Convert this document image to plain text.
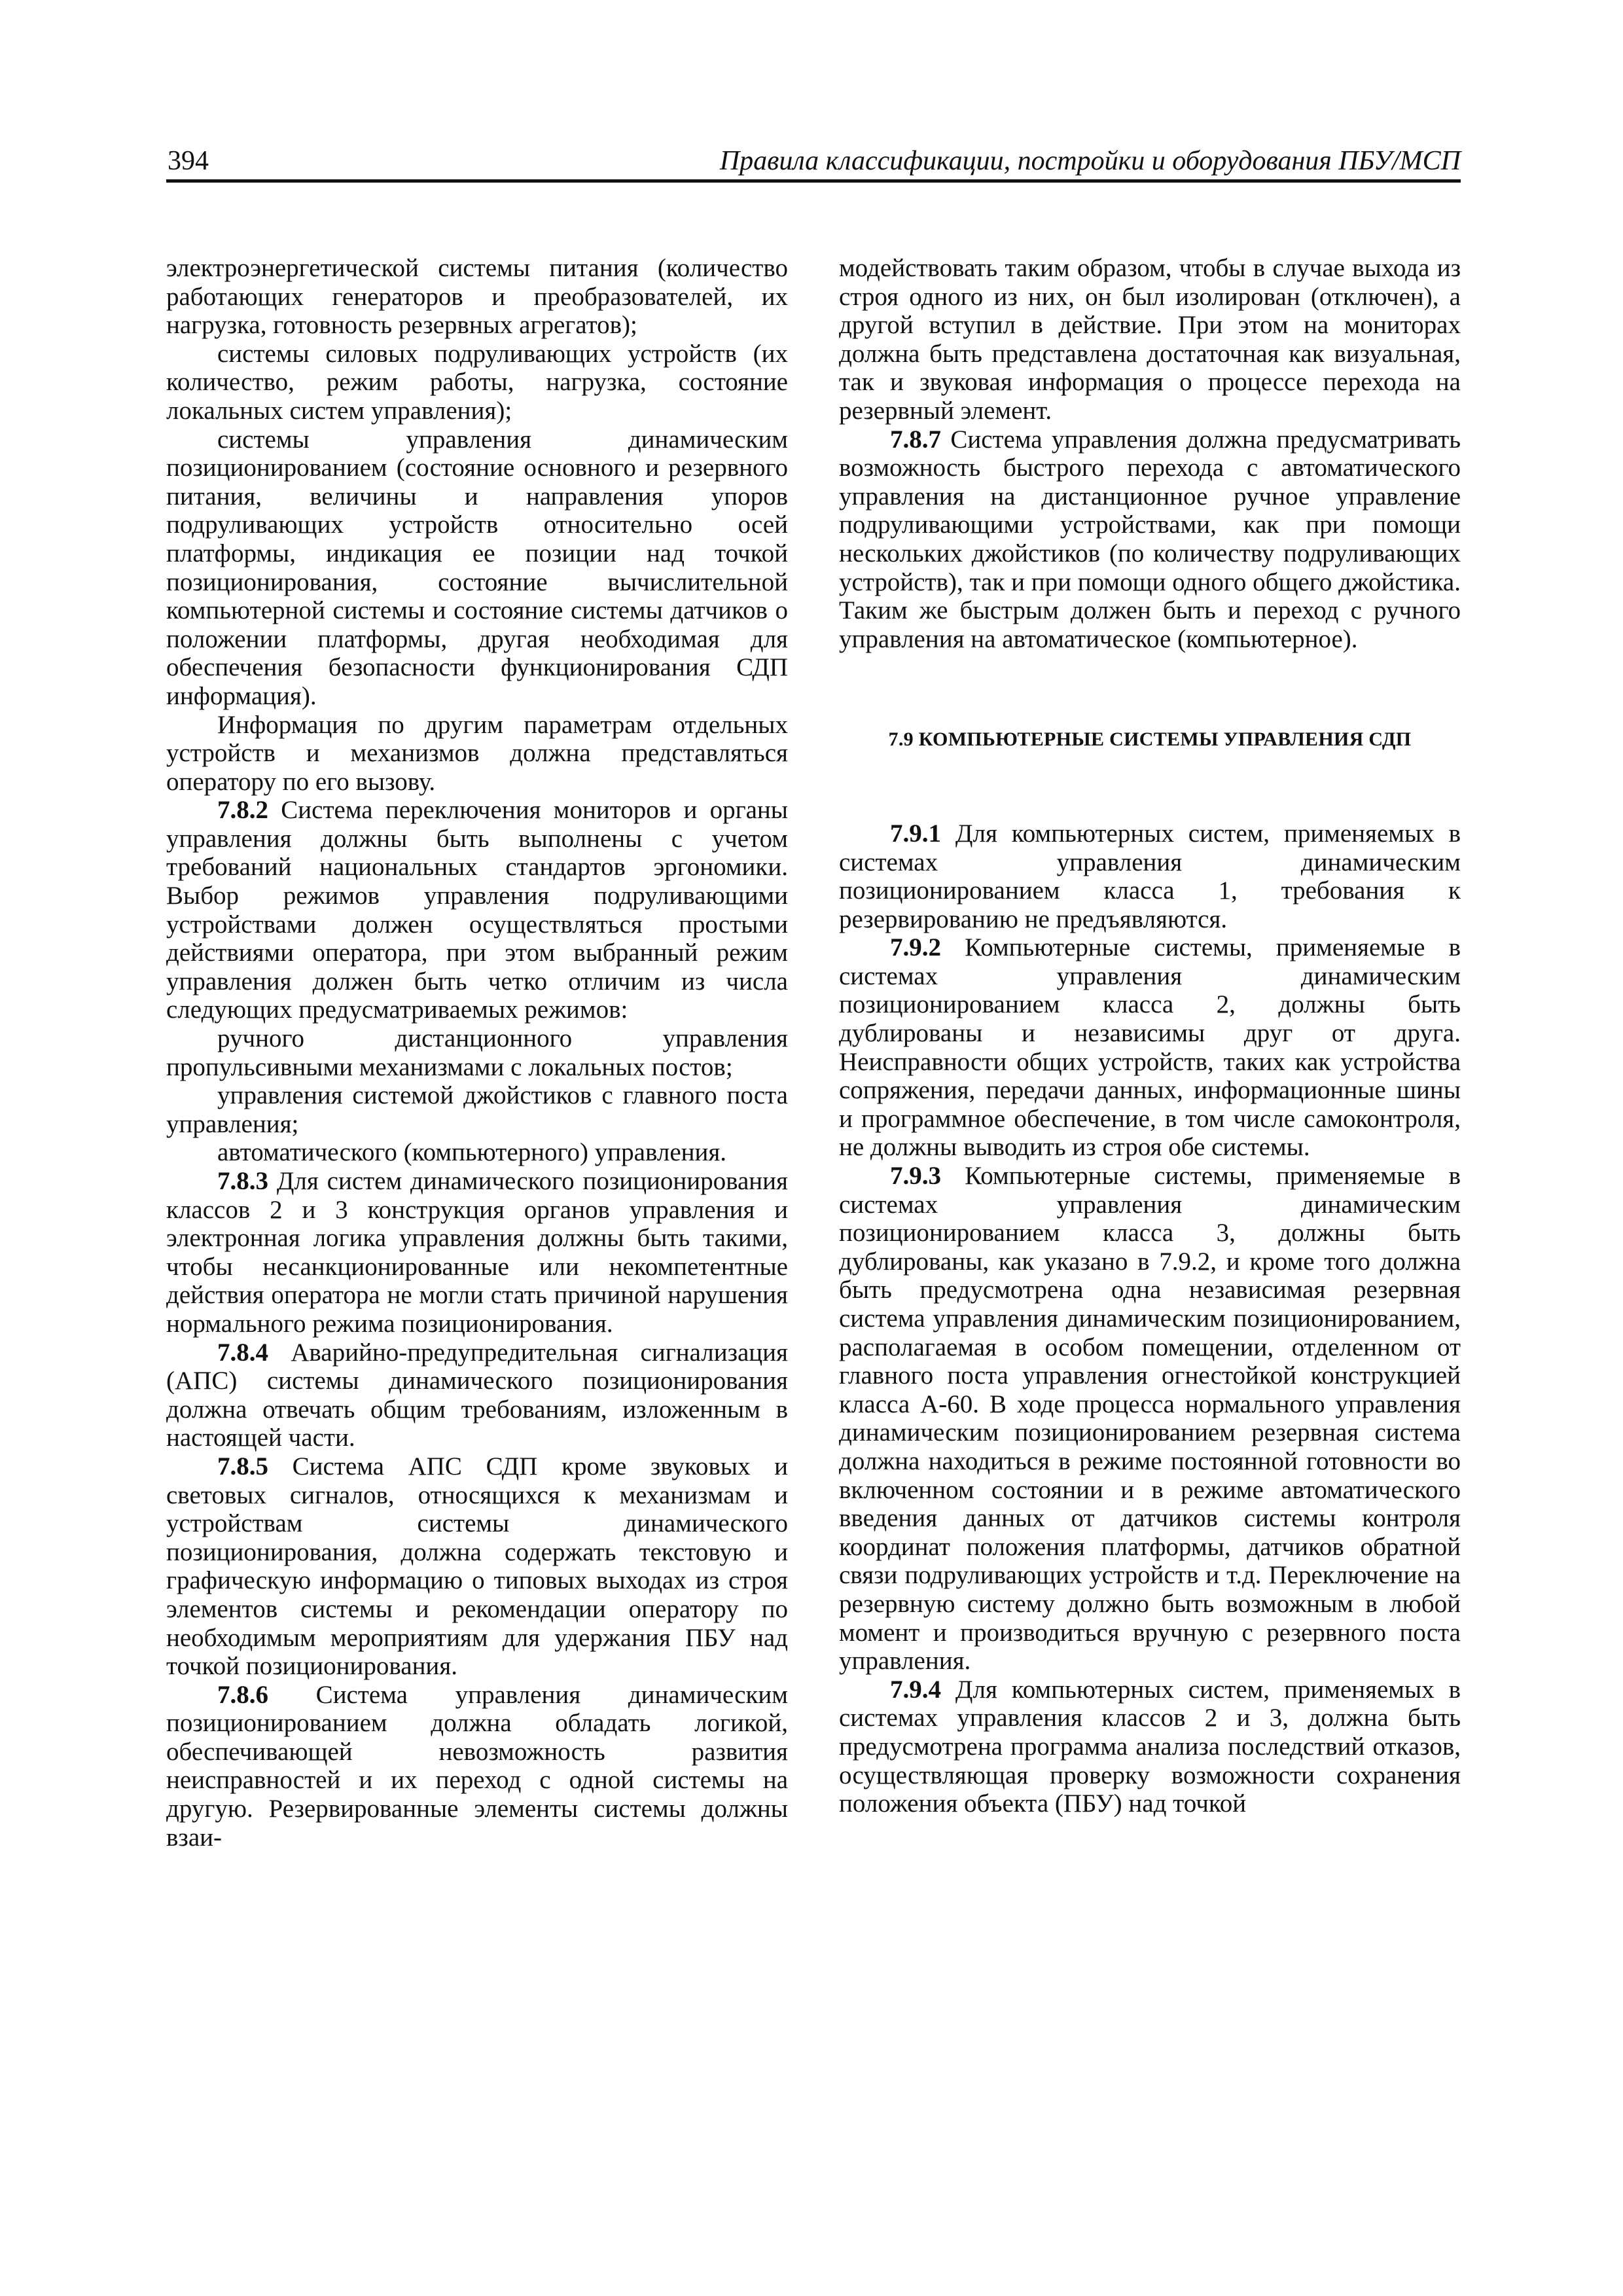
394	Правила классификации, постройки и оборудования ПБУ/МСП

электроэнергетической системы питания (количество работающих генераторов и преобразователей, их нагрузка, готовность резервных агрегатов);

системы силовых подруливающих устройств (их количество, режим работы, нагрузка, состояние локальных систем управления);

системы управления динамическим позиционированием (состояние основного и резервного питания, величины и направления упоров подруливающих устройств относительно осей платформы, индикация ее позиции над точкой позиционирования, состояние вычислительной компьютерной системы и состояние системы датчиков о положении платформы, другая необходимая для обеспечения безопасности функционирования СДП информация).

Информация по другим параметрам отдельных устройств и механизмов должна представляться оператору по его вызову.

7.8.2 Система переключения мониторов и органы управления должны быть выполнены с учетом требований национальных стандартов эргономики. Выбор режимов управления подруливающими устройствами должен осуществляться простыми действиями оператора, при этом выбранный режим управления должен быть четко отличим из числа следующих предусматриваемых режимов:

ручного дистанционного управления пропульсивными механизмами с локальных постов;

управления системой джойстиков с главного поста управления;

автоматического (компьютерного) управления.

7.8.3 Для систем динамического позиционирования классов 2 и 3 конструкция органов управления и электронная логика управления должны быть такими, чтобы несанкционированные или некомпетентные действия оператора не могли стать причиной нарушения нормального режима позиционирования.

7.8.4 Аварийно-предупредительная сигнализация (АПС) системы динамического позиционирования должна отвечать общим требованиям, изложенным в настоящей части.

7.8.5 Система АПС СДП кроме звуковых и световых сигналов, относящихся к механизмам и устройствам системы динамического позиционирования, должна содержать текстовую и графическую информацию о типовых выходах из строя элементов системы и рекомендации оператору по необходимым мероприятиям для удержания ПБУ над точкой позиционирования.

7.8.6 Система управления динамическим позиционированием должна обладать логикой, обеспечивающей невозможность развития неисправностей и их переход с одной системы на другую. Резервированные элементы системы должны взаи-

модействовать таким образом, чтобы в случае выхода из строя одного из них, он был изолирован (отключен), а другой вступил в действие. При этом на мониторах должна быть представлена достаточная как визуальная, так и звуковая информация о процессе перехода на резервный элемент.

7.8.7 Система управления должна предусматривать возможность быстрого перехода с автоматического управления на дистанционное ручное управление подруливающими устройствами, как при помощи нескольких джойстиков (по количеству подруливающих устройств), так и при помощи одного общего джойстика. Таким же быстрым должен быть и переход с ручного управления на автоматическое (компьютерное).

7.9 КОМПЬЮТЕРНЫЕ СИСТЕМЫ УПРАВЛЕНИЯ СДП

7.9.1 Для компьютерных систем, применяемых в системах управления динамическим позиционированием класса 1, требования к резервированию не предъявляются.

7.9.2 Компьютерные системы, применяемые в системах управления динамическим позиционированием класса 2, должны быть дублированы и независимы друг от друга. Неисправности общих устройств, таких как устройства сопряжения, передачи данных, информационные шины и программное обеспечение, в том числе самоконтроля, не должны выводить из строя обе системы.

7.9.3 Компьютерные системы, применяемые в системах управления динамическим позиционированием класса 3, должны быть дублированы, как указано в 7.9.2, и кроме того должна быть предусмотрена одна независимая резервная система управления динамическим позиционированием, располагаемая в особом помещении, отделенном от главного поста управления огнестойкой конструкцией класса А-60. В ходе процесса нормального управления динамическим позиционированием резервная система должна находиться в режиме постоянной готовности во включенном состоянии и в режиме автоматического введения данных от датчиков системы контроля координат положения платформы, датчиков обратной связи подруливающих устройств и т.д. Переключение на резервную систему должно быть возможным в любой момент и производиться вручную с резервного поста управления.

7.9.4 Для компьютерных систем, применяемых в системах управления классов 2 и 3, должна быть предусмотрена программа анализа последствий отказов, осуществляющая проверку возможности сохранения положения объекта (ПБУ) над точкой
